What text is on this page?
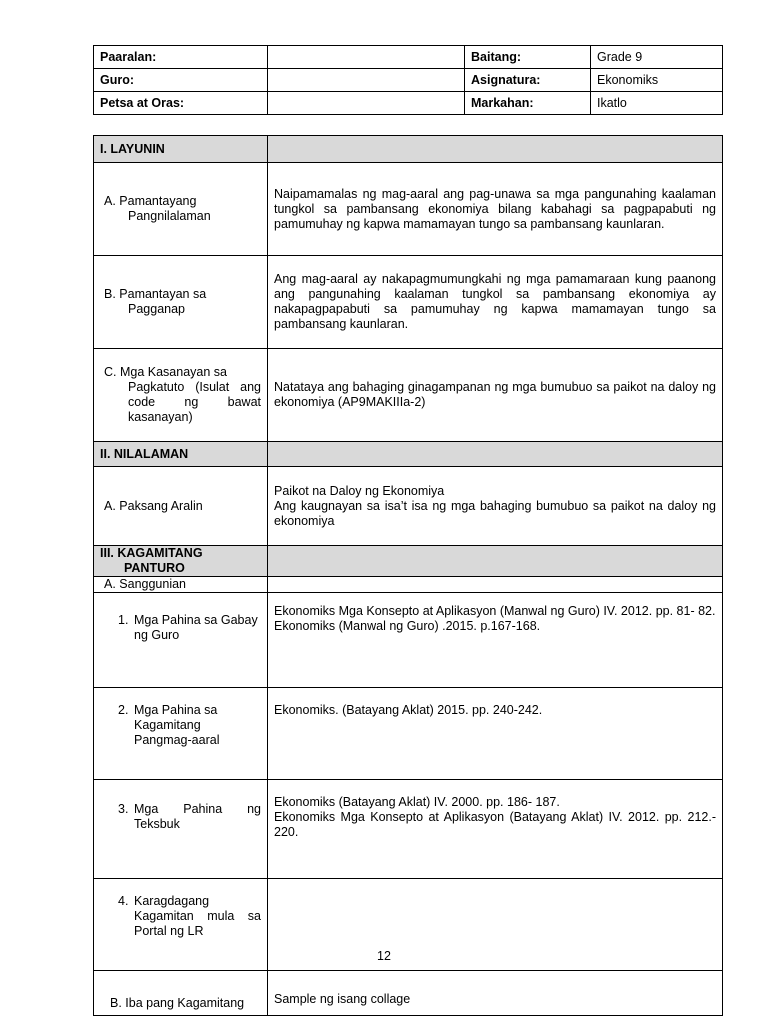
Paaralan:		Baitang:	Grade 9
Guro:		Asignatura:	Ekonomiks
Petsa at Oras:		Markahan:	Ikatlo
I. LAYUNIN	

A. Pamantayang
Pangnilalaman	Naipamamalas ng mag-aaral ang pag-unawa sa mga pangunahing kaalaman tungkol sa pambansang ekonomiya bilang kabahagi sa pagpapabuti ng pamumuhay ng kapwa mamamayan tungo sa pambansang kaunlaran.

B. Pamantayan sa
Pagganap	Ang mag-aaral ay nakapagmumungkahi ng mga pamamaraan kung paanong ang pangunahing kaalaman tungkol sa pambansang ekonomiya ay nakapagpapabuti sa pamumuhay ng kapwa mamamayan tungo sa pambansang kaunlaran.

C. Mga Kasanayan sa
Pagkatuto (Isulat ang code ng bawat kasanayan)	Natataya ang bahaging ginagampanan ng mga bumubuo sa paikot na daloy ng ekonomiya (AP9MAKIIIa-2)
II. NILALAMAN	
A. Paksang Aralin	Paikot na Daloy ng Ekonomiya
Ang kaugnayan sa isa’t isa ng mga bahaging bumubuo sa paikot na daloy ng ekonomiya

III. KAGAMITANG
PANTURO	

A. Sanggunian	

1. Mga Pahina sa Gabay ng Guro	Ekonomiks Mga Konsepto at Aplikasyon (Manwal ng Guro) IV. 2012. pp. 81- 82.
Ekonomiks (Manwal ng Guro) .2015. p.167-168.

2. Mga Pahina sa Kagamitang Pangmag-aaral	Ekonomiks. (Batayang Aklat) 2015. pp. 240-242.

3. Mga Pahina ng Teksbuk	Ekonomiks (Batayang Aklat) IV. 2000. pp. 186- 187.
Ekonomiks Mga Konsepto at Aplikasyon (Batayang Aklat) IV. 2012. pp. 212.- 220.

4. Karagdagang Kagamitan mula sa Portal ng LR	

B. Iba pang Kagamitang	Sample ng isang collage
12
